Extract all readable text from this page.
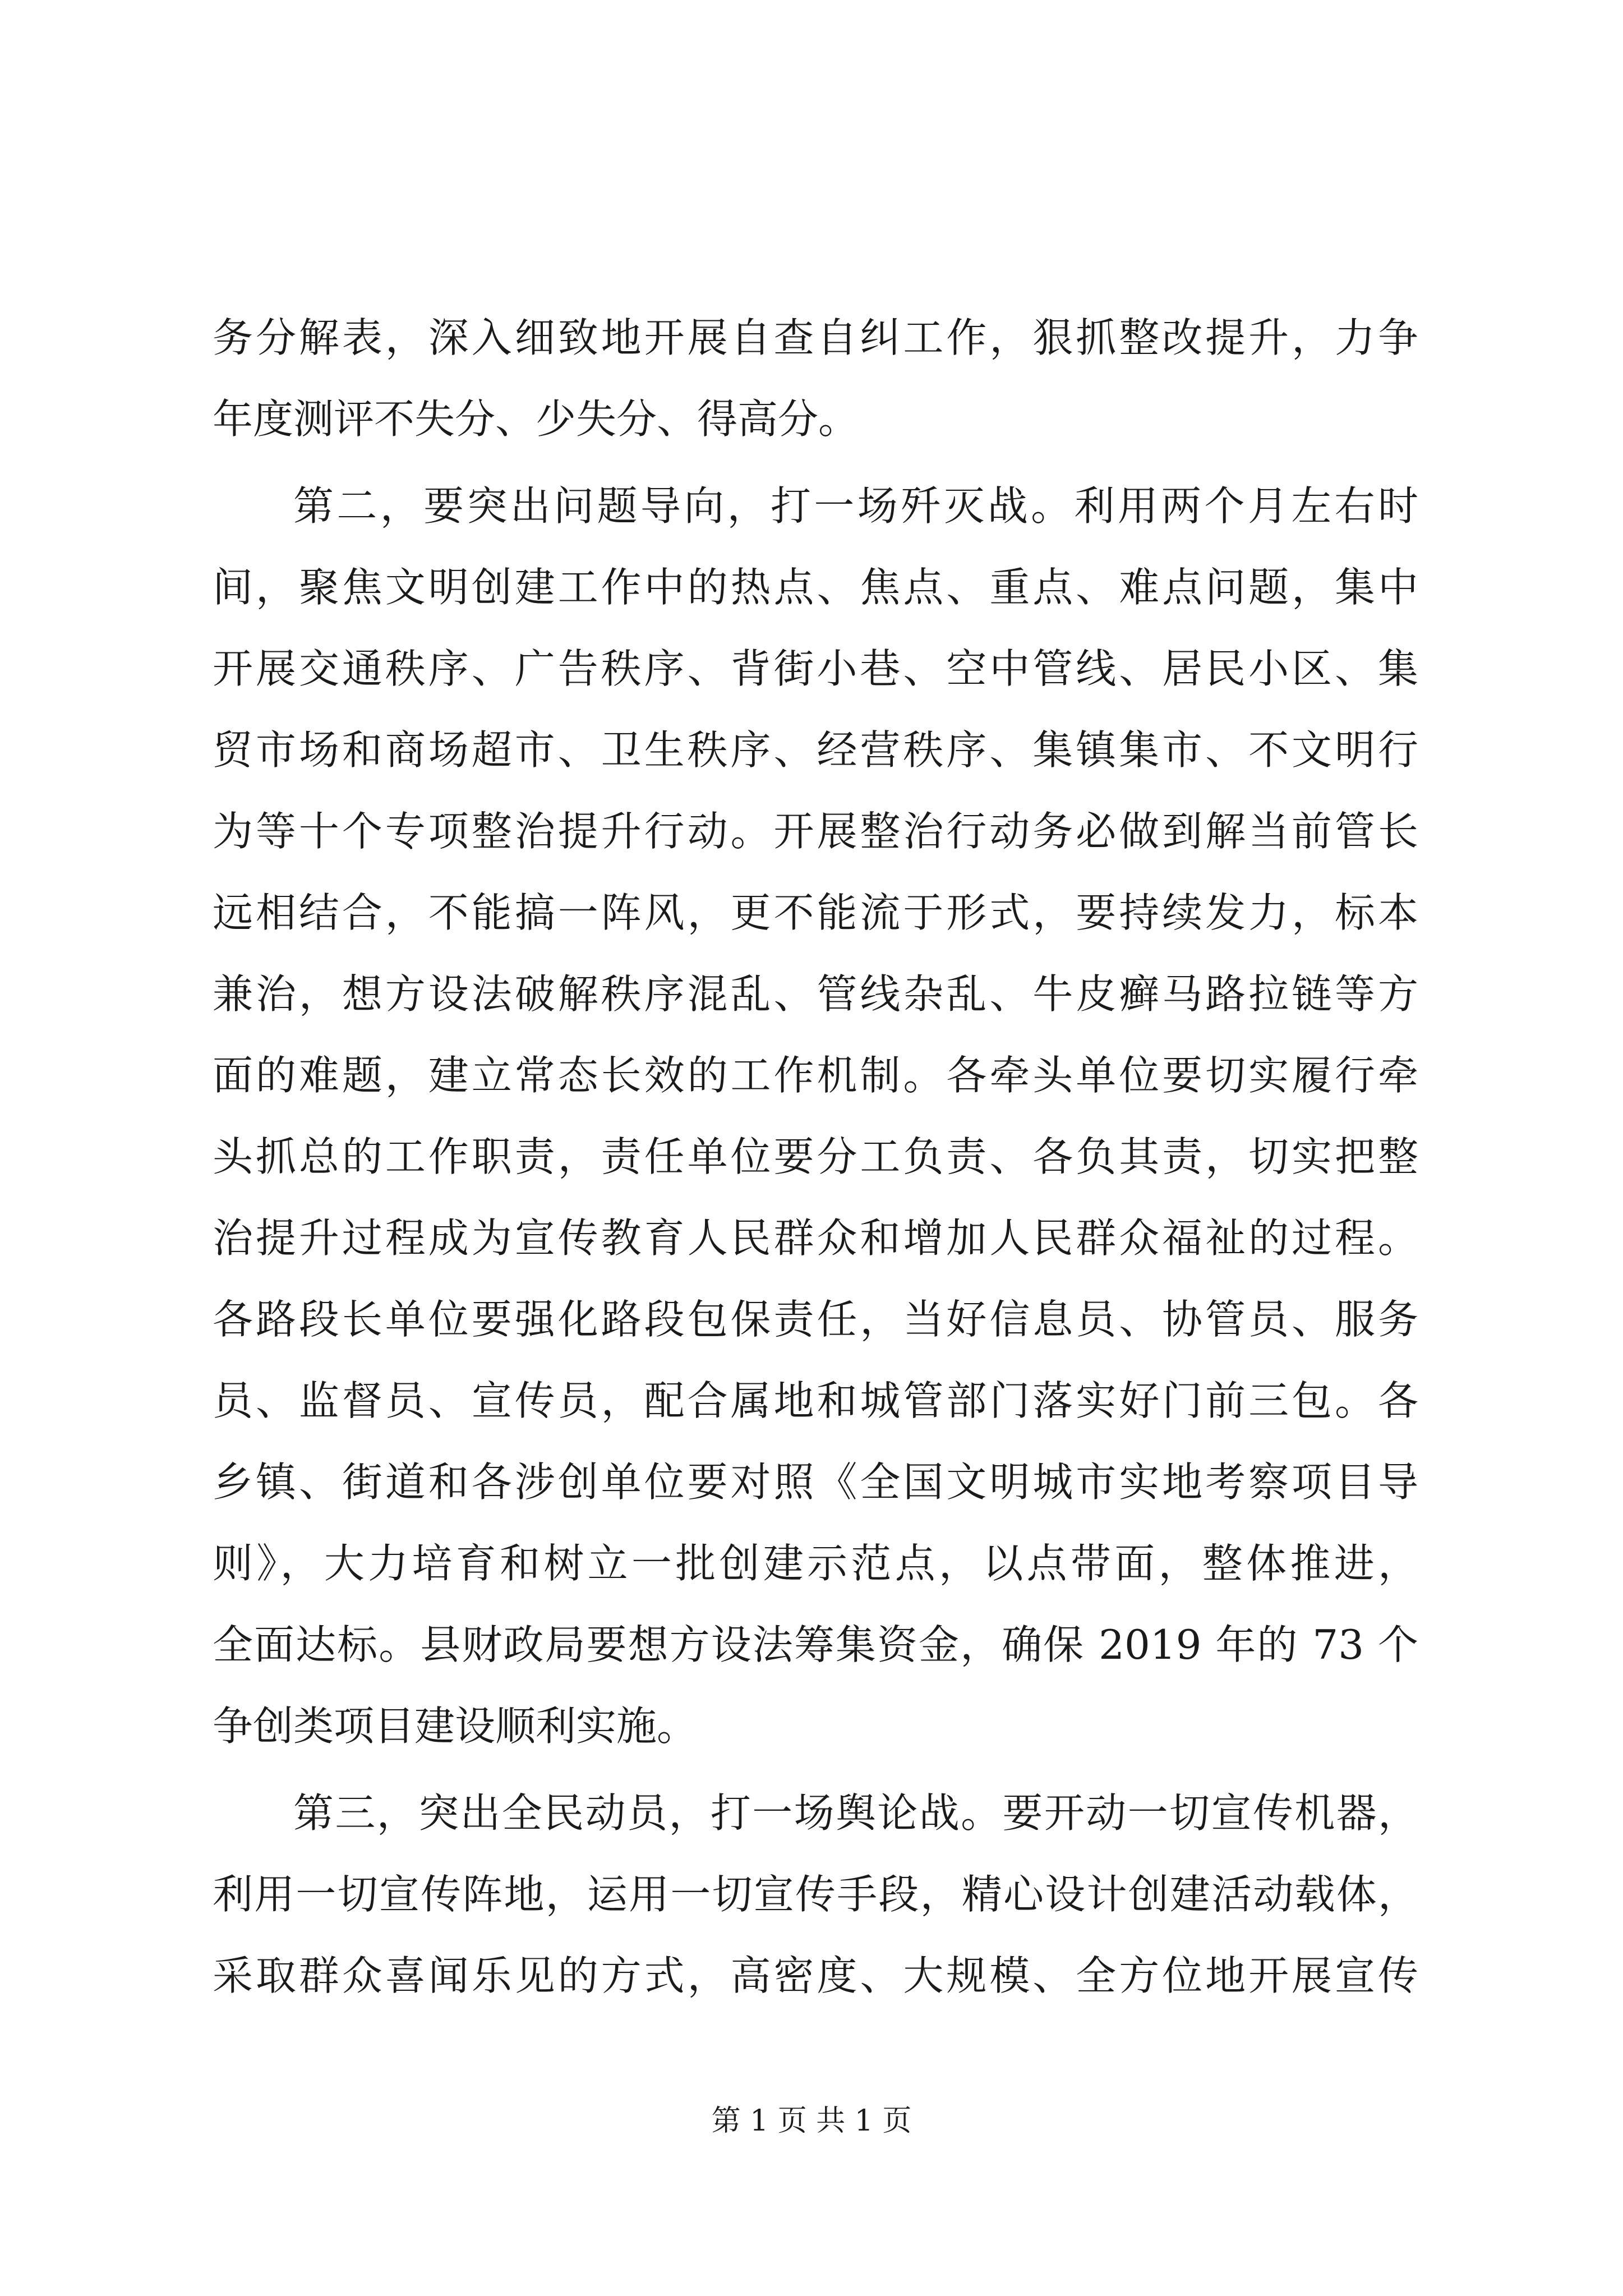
务分解表，深入细致地开展自查自纠工作，狠抓整改提升，力争
年度测评不失分、少失分、得高分。
第二，要突出问题导向，打一场歼灭战。利用两个月左右时
间，聚焦文明创建工作中的热点、焦点、重点、难点问题，集中
开展交通秩序、广告秩序、背街小巷、空中管线、居民小区、集
贸市场和商场超市、卫生秩序、经营秩序、集镇集市、不文明行
为等十个专项整治提升行动。开展整治行动务必做到解当前管长
远相结合，不能搞一阵风，更不能流于形式，要持续发力，标本
兼治，想方设法破解秩序混乱、管线杂乱、牛皮癣马路拉链等方
面的难题，建立常态长效的工作机制。各牵头单位要切实履行牵
头抓总的工作职责，责任单位要分工负责、各负其责，切实把整
治提升过程成为宣传教育人民群众和增加人民群众福祉的过程。
各路段长单位要强化路段包保责任，当好信息员、协管员、服务
员、监督员、宣传员，配合属地和城管部门落实好门前三包。各
乡镇、街道和各涉创单位要对照《全国文明城市实地考察项目导
则》，大力培育和树立一批创建示范点，以点带面，整体推进，
全面达标。县财政局要想方设法筹集资金，确保 2019 年的 73 个
争创类项目建设顺利实施。
第三，突出全民动员，打一场舆论战。要开动一切宣传机器，
利用一切宣传阵地，运用一切宣传手段，精心设计创建活动载体，
采取群众喜闻乐见的方式，高密度、大规模、全方位地开展宣传
第 1 页 共 1 页
